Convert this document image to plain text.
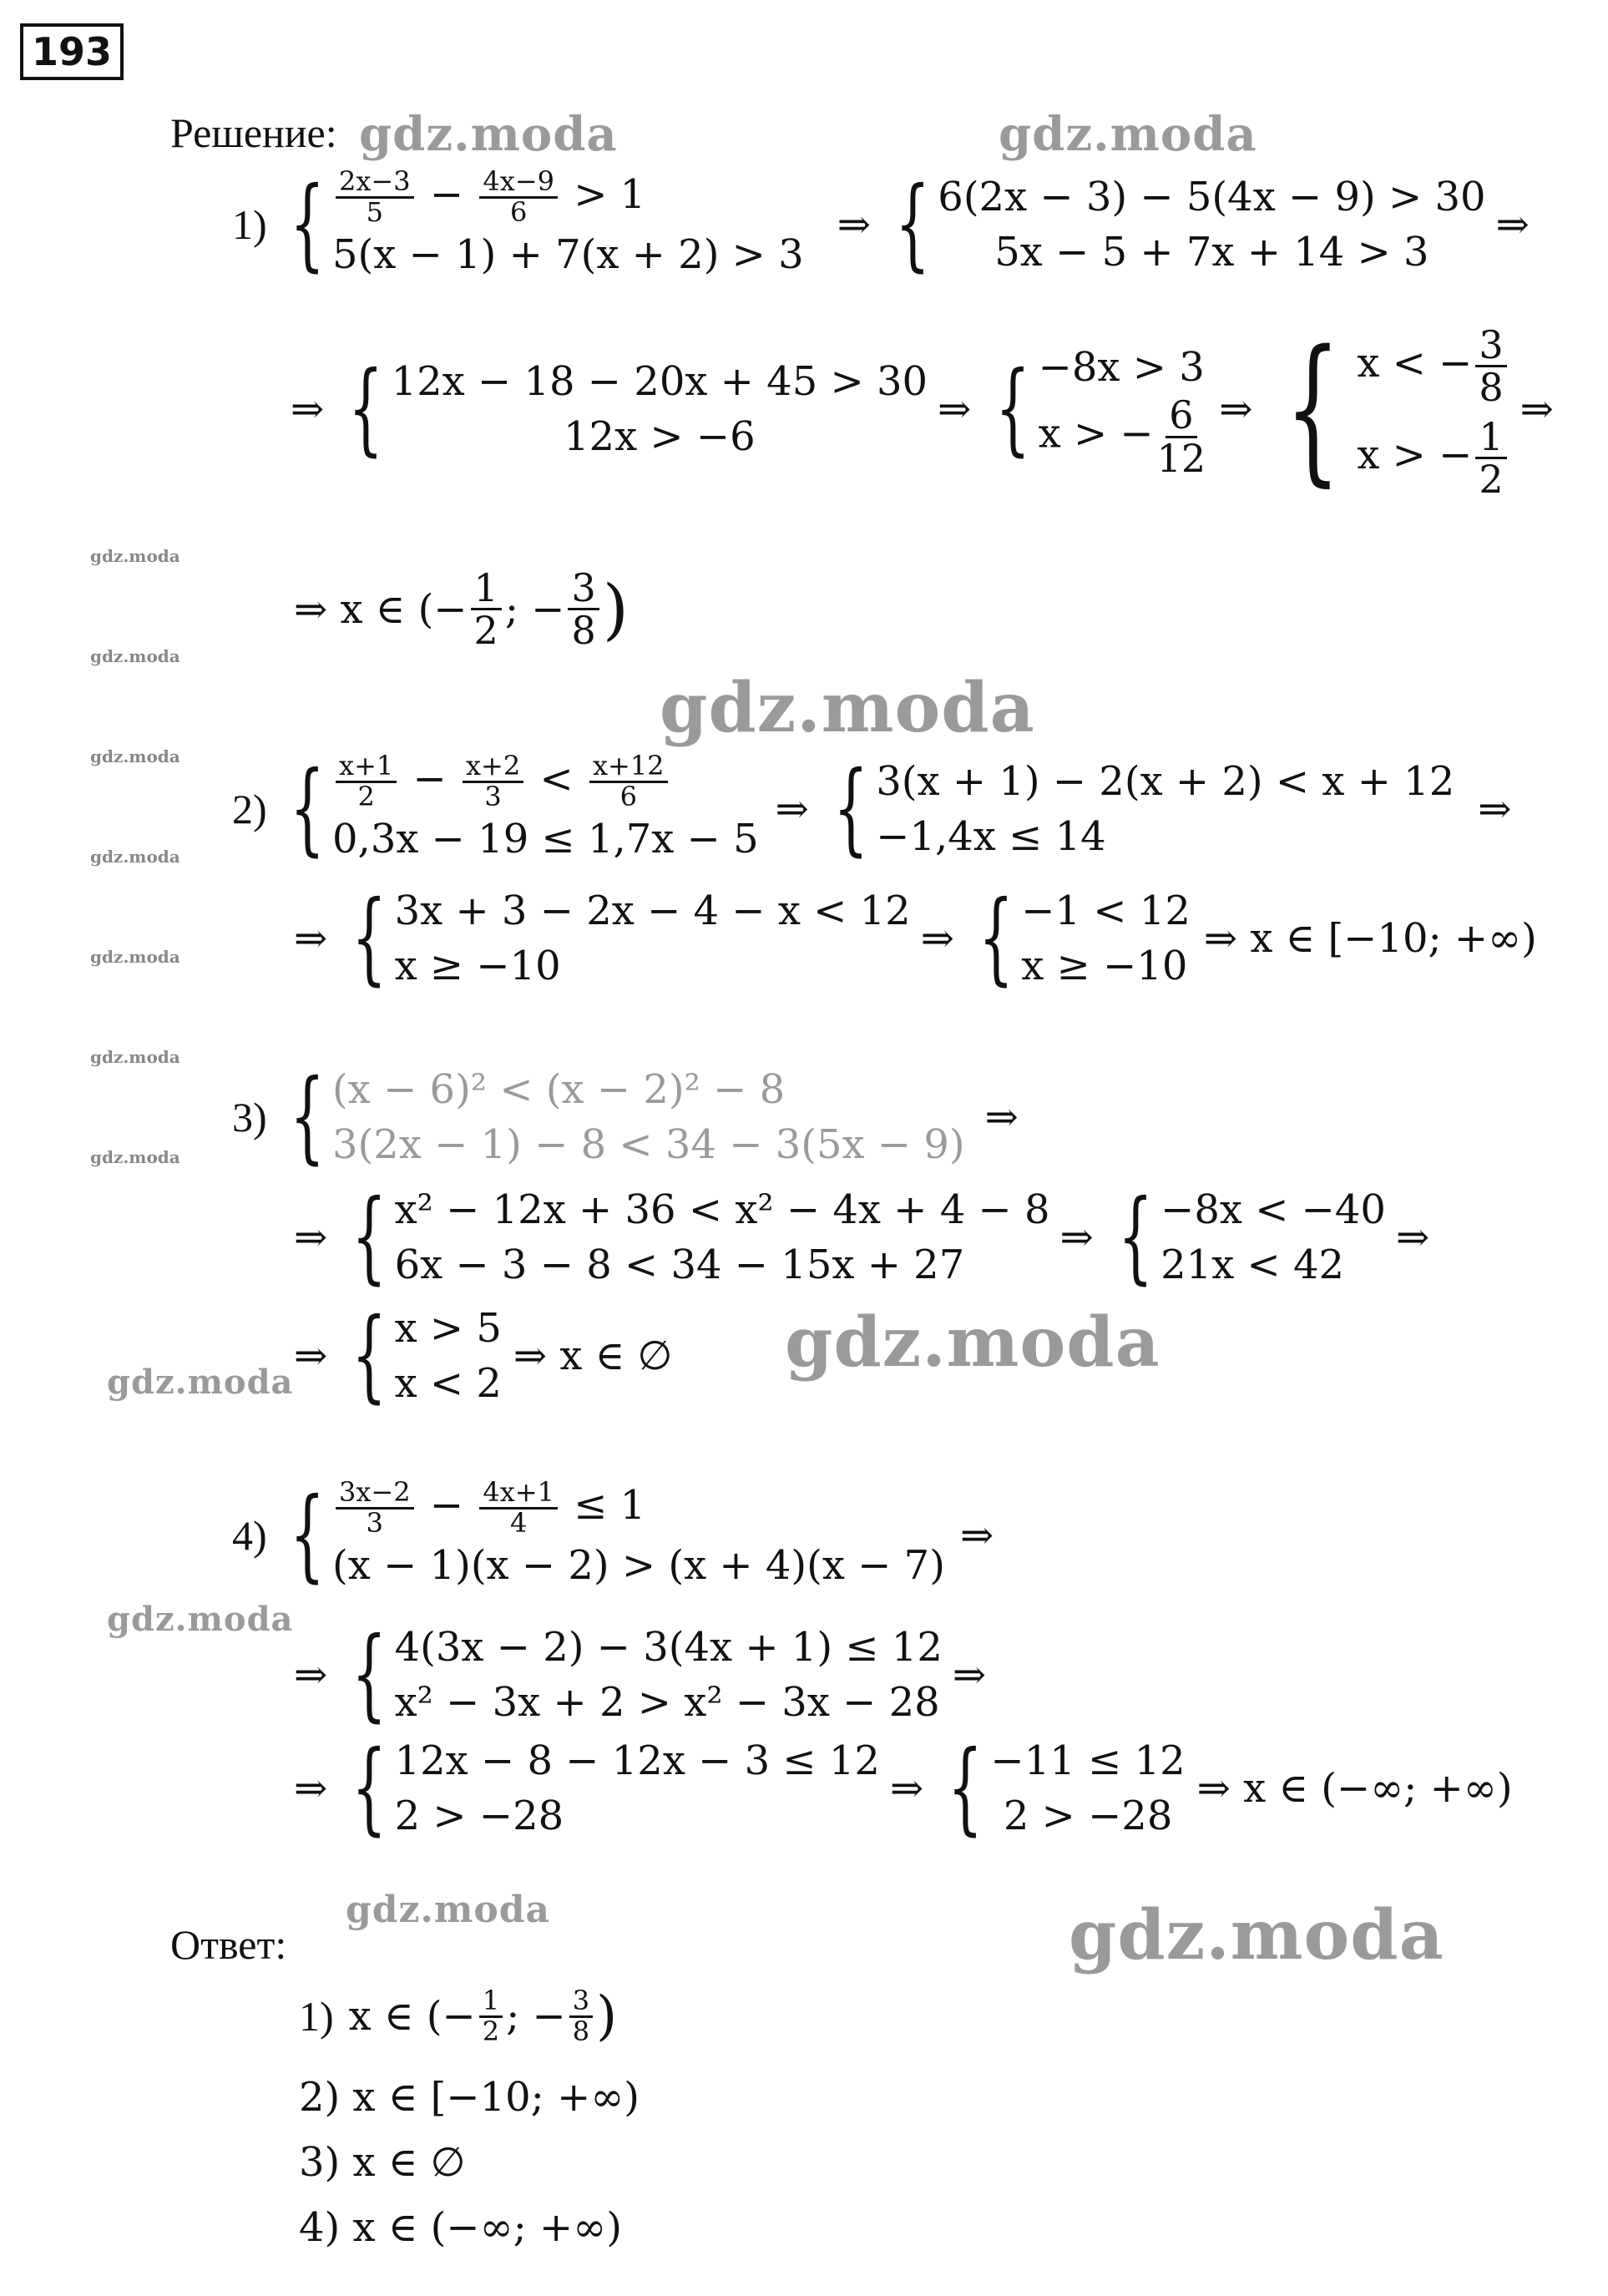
193
Решение: gdz.moda	gdz.moda
gdz.moda
gdz.moda
gdz.moda
gdz.moda
gdz.moda
gdz.moda
gdz.moda
gdz.moda
gdz.moda
gdz.moda
gdz.moda
gdz.moda
gdz.moda
1) { $\frac{2x-3}{5} - \frac{4x-9}{6} > 1$
5(x − 1) + 7(x + 2) > 3
⇒ { 6(2x − 3) − 5(4x − 9) > 30
5x − 5 + 7x + 14 > 3
⇒
⇒ { 12x − 18 − 20x + 45 > 30
12x > −6
⇒ { −8x > 3
x > − $\frac{6}{12}$ ⇒ { x < − $\frac{3}{8}$
x > − $\frac{1}{2}$
⇒
⇒ x ∈ (− $\frac{1}{2}$ ; − $\frac{3}{8}$ )
2) { $\frac{x+1}{2} - \frac{x+2}{3} < \frac{x+12}{6}$
0,3x − 19 ≤ 1,7x − 5
⇒ { 3(x + 1) − 2(x + 2) < x + 12
−1,4x ≤ 14
⇒
⇒ { 3x + 3 − 2x − 4 − x < 12
x ≥ −10
⇒ { −1 < 12
x ≥ −10
⇒ x ∈ [−10; +∞)
3) { (x − 6)² < (x − 2)² − 8
3(2x − 1) − 8 < 34 − 3(5x − 9)
⇒
⇒ { x² − 12x + 36 < x² − 4x + 4 − 8
6x − 3 − 8 < 34 − 15x + 27
⇒ { −8x < −40
21x < 42
⇒
⇒ { x > 5
x < 2
⇒ x ∈ ∅
4) { $\frac{3x-2}{3} - \frac{4x+1}{4} \le 1$
(x − 1)(x − 2) > (x + 4)(x − 7)
⇒
⇒ { 4(3x − 2) − 3(4x + 1) ≤ 12
x² − 3x + 2 > x² − 3x − 28
⇒
⇒ { 12x − 8 − 12x − 3 ≤ 12
2 > −28
⇒ { −11 ≤ 12
2 > −28
⇒ x ∈ (−∞; +∞)
Ответ:
1) x ∈ (− $\frac{1}{2}$ ; − $\frac{3}{8}$ )
2) x ∈ [−10; +∞)
3) x ∈ ∅
4) x ∈ (−∞; +∞)
